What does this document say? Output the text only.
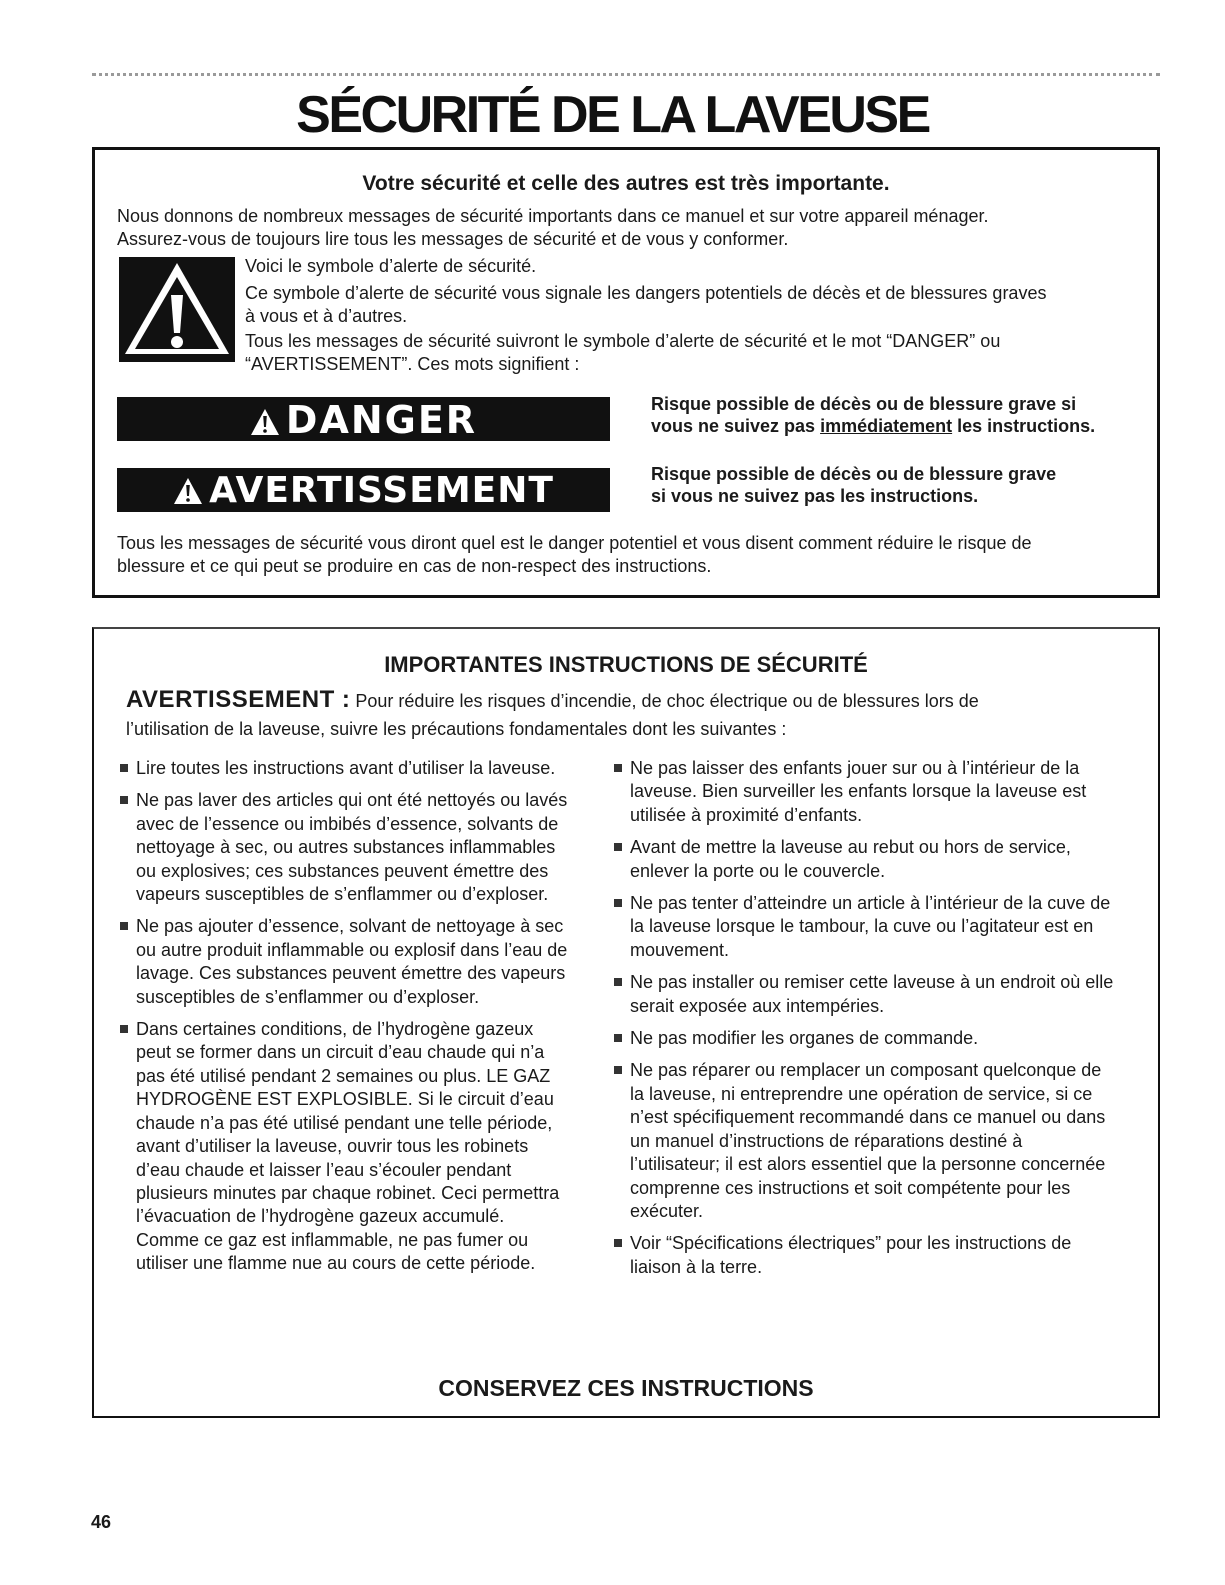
SÉCURITÉ DE LA LAVEUSE
Votre sécurité et celle des autres est très importante.

Nous donnons de nombreux messages de sécurité importants dans ce manuel et sur votre appareil ménager.

Assurez-vous de toujours lire tous les messages de sécurité et de vous y conformer.

Voici le symbole d’alerte de sécurité.

Ce symbole d’alerte de sécurité vous signale les dangers potentiels de décès et de blessures graves

à vous et à d’autres.

Tous les messages de sécurité suivront le symbole d’alerte de sécurité et le mot “DANGER” ou

“AVERTISSEMENT”. Ces mots signifient :

DANGER	Risque possible de décès ou de blessure grave si
vous ne suivez pas immédiatement les instructions.
AVERTISSEMENT	Risque possible de décès ou de blessure grave
si vous ne suivez pas les instructions.

Tous les messages de sécurité vous diront quel est le danger potentiel et vous disent comment réduire le risque de

blessure et ce qui peut se produire en cas de non-respect des instructions.

IMPORTANTES INSTRUCTIONS DE SÉCURITÉ
AVERTISSEMENT : Pour réduire les risques d’incendie, de choc électrique ou de blessures lors de

l’utilisation de la laveuse, suivre les précautions fondamentales dont les suivantes :

Lire toutes les instructions avant d’utiliser la laveuse.
Ne pas laver des articles qui ont été nettoyés ou lavés avec de l’essence ou imbibés d’essence, solvants de nettoyage à sec, ou autres substances inflammables ou explosives; ces substances peuvent émettre des vapeurs susceptibles de s’enflammer ou d’exploser.
Ne pas ajouter d’essence, solvant de nettoyage à sec ou autre produit inflammable ou explosif dans l’eau de lavage. Ces substances peuvent émettre des vapeurs susceptibles de s’enflammer ou d’exploser.
Dans certaines conditions, de l’hydrogène gazeux peut se former dans un circuit d’eau chaude qui n’a pas été utilisé pendant 2 semaines ou plus. LE GAZ HYDROGÈNE EST EXPLOSIBLE. Si le circuit d’eau chaude n’a pas été utilisé pendant une telle période, avant d’utiliser la laveuse, ouvrir tous les robinets d’eau chaude et laisser l’eau s’écouler pendant plusieurs minutes par chaque robinet. Ceci permettra l’évacuation de l’hydrogène gazeux accumulé. Comme ce gaz est inflammable, ne pas fumer ou utiliser une flamme nue au cours de cette période.
Ne pas laisser des enfants jouer sur ou à l’intérieur de la laveuse. Bien surveiller les enfants lorsque la laveuse est utilisée à proximité d’enfants.
Avant de mettre la laveuse au rebut ou hors de service, enlever la porte ou le couvercle.
Ne pas tenter d’atteindre un article à l’intérieur de la cuve de la laveuse lorsque le tambour, la cuve ou l’agitateur est en mouvement.
Ne pas installer ou remiser cette laveuse à un endroit où elle serait exposée aux intempéries.
Ne pas modifier les organes de commande.
Ne pas réparer ou remplacer un composant quelconque de la laveuse, ni entreprendre une opération de service, si ce n’est spécifiquement recommandé dans ce manuel ou dans un manuel d’instructions de réparations destiné à l’utilisateur; il est alors essentiel que la personne concernée comprenne ces instructions et soit compétente pour les exécuter.
Voir “Spécifications électriques” pour les instructions de liaison à la terre.
CONSERVEZ CES INSTRUCTIONS
46
